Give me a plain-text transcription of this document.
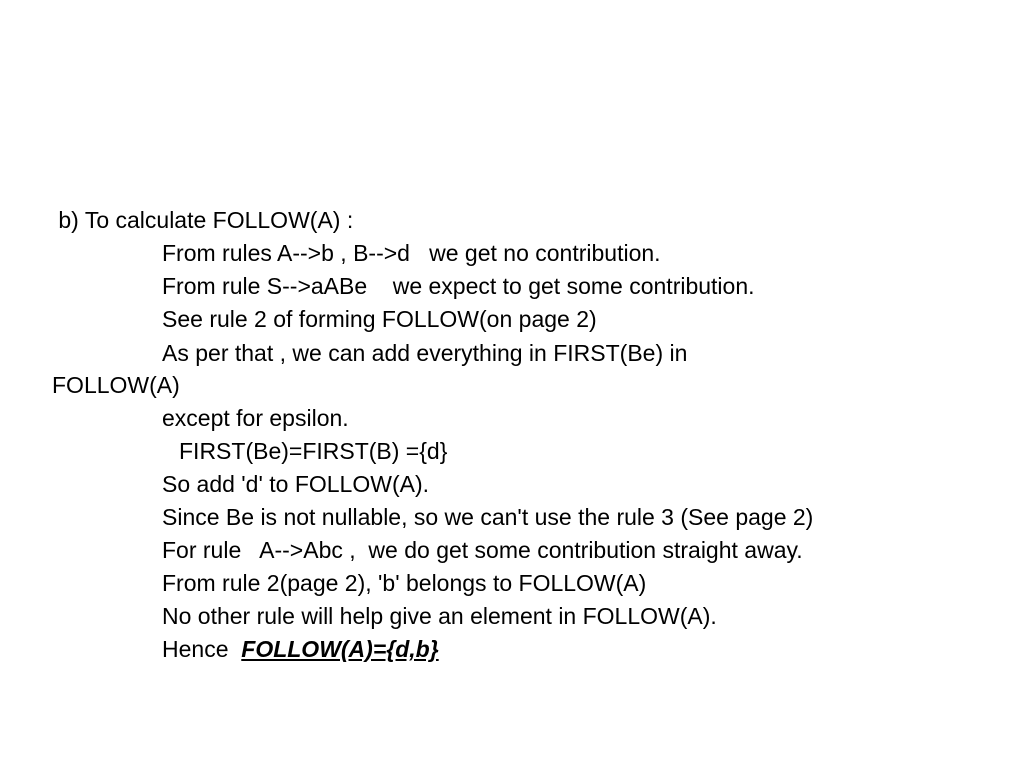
b) To calculate FOLLOW(A) :
From rules A-->b , B-->d   we get no contribution.
From rule S-->aABe    we expect to get some contribution.
See rule 2 of forming FOLLOW(on page 2)
As per that , we can add everything in FIRST(Be) in
FOLLOW(A)
except for epsilon.
FIRST(Be)=FIRST(B) ={d}
So add 'd' to FOLLOW(A).
Since Be is not nullable, so we can't use the rule 3 (See page 2)
For rule   A-->Abc ,  we do get some contribution straight away.
From rule 2(page 2), 'b' belongs to FOLLOW(A)
No other rule will help give an element in FOLLOW(A).
Hence  FOLLOW(A)={d,b}
